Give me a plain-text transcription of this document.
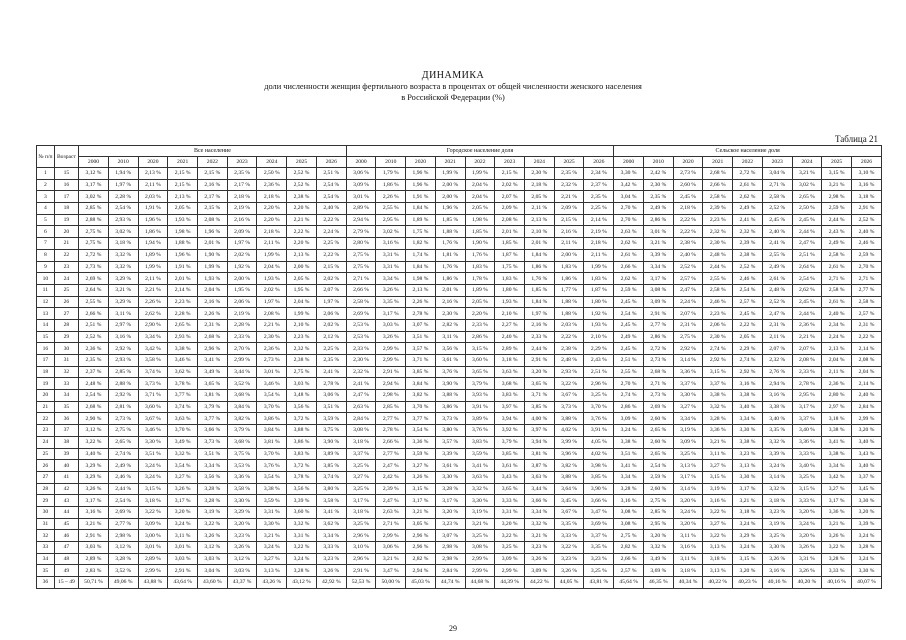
ДИНАМИКА
доли численности женщин фертильного возраста в процентах от общей численности женского населения
в Российской Федерации (%)
Таблица 21
№ п/п	Возраст	Все население									Городское население доля									Сельское население доля								
		2000	2010	2020	2021	2022	2023	2024	2025	2026	2000	2010	2020	2021	2022	2023	2024	2025	2026	2000	2010	2020	2021	2022	2023	2024	2025	2026
1	15	3,12 %	1,94 %	2,13 %	2,15 %	2,15 %	2,35 %	2,50 %	2,52 %	2,51 %	3,06 %	1,79 %	1,96 %	1,99 %	1,99 %	2,15 %	2,30 %	2,35 %	2,34 %	3,30 %	2,42 %	2,73 %	2,68 %	2,72 %	3,04 %	3,21 %	3,15 %	3,10 %
2	16	3,17 %	1,97 %	2,11 %	2,15 %	2,16 %	2,17 %	2,36 %	2,52 %	2,54 %	3,09 %	1,86 %	1,96 %	2,00 %	2,04 %	2,02 %	2,18 %	2,32 %	2,37 %	3,42 %	2,30 %	2,60 %	2,66 %	2,61 %	2,71 %	3,02 %	3,21 %	3,16 %
3	17	3,02 %	2,28 %	2,03 %	2,13 %	2,17 %	2,18 %	2,18 %	2,38 %	2,54 %	3,01 %	2,26 %	1,91 %	2,00 %	2,04 %	2,07 %	2,05 %	2,21 %	2,35 %	3,04 %	2,35 %	2,45 %	2,58 %	2,62 %	2,58 %	2,65 %	2,98 %	3,18 %
4	18	2,85 %	2,54 %	1,91 %	2,05 %	2,15 %	2,19 %	2,20 %	2,20 %	2,40 %	2,89 %	2,55 %	1,84 %	1,96 %	2,05 %	2,09 %	2,11 %	2,09 %	2,25 %	2,70 %	2,49 %	2,18 %	2,39 %	2,49 %	2,52 %	2,50 %	2,59 %	2,91 %
5	19	2,88 %	2,93 %	1,96 %	1,93 %	2,08 %	2,16 %	2,20 %	2,21 %	2,22 %	2,94 %	2,95 %	1,89 %	1,85 %	1,98 %	2,08 %	2,13 %	2,15 %	2,14 %	2,70 %	2,86 %	2,22 %	2,23 %	2,41 %	2,45 %	2,45 %	2,44 %	2,52 %
6	20	2,75 %	3,02 %	1,86 %	1,98 %	1,96 %	2,09 %	2,18 %	2,22 %	2,24 %	2,79 %	3,02 %	1,75 %	1,88 %	1,85 %	2,01 %	2,10 %	2,16 %	2,19 %	2,63 %	3,01 %	2,22 %	2,32 %	2,32 %	2,40 %	2,44 %	2,43 %	2,40 %
7	21	2,75 %	3,18 %	1,94 %	1,88 %	2,01 %	1,97 %	2,11 %	2,20 %	2,25 %	2,80 %	3,16 %	1,82 %	1,76 %	1,90 %	1,85 %	2,01 %	2,11 %	2,18 %	2,62 %	3,21 %	2,38 %	2,30 %	2,39 %	2,41 %	2,47 %	2,49 %	2,46 %
8	22	2,72 %	3,32 %	1,89 %	1,96 %	1,90 %	2,02 %	1,99 %	2,13 %	2,22 %	2,75 %	3,31 %	1,74 %	1,81 %	1,76 %	1,87 %	1,84 %	2,00 %	2,11 %	2,61 %	3,39 %	2,40 %	2,48 %	2,38 %	2,55 %	2,51 %	2,58 %	2,59 %
9	23	2,73 %	3,32 %	1,99 %	1,91 %	1,99 %	1,92 %	2,04 %	2,00 %	2,15 %	2,75 %	3,31 %	1,84 %	1,76 %	1,83 %	1,75 %	1,86 %	1,83 %	1,99 %	2,66 %	3,34 %	2,52 %	2,44 %	2,52 %	2,49 %	2,64 %	2,61 %	2,70 %
10	24	2,69 %	3,29 %	2,11 %	2,01 %	1,93 %	2,00 %	1,93 %	2,05 %	2,02 %	2,71 %	3,34 %	1,98 %	1,86 %	1,78 %	1,83 %	1,76 %	1,86 %	1,83 %	2,62 %	3,17 %	2,57 %	2,55 %	2,46 %	2,61 %	2,54 %	2,71 %	2,71 %
11	25	2,64 %	3,21 %	2,21 %	2,14 %	2,04 %	1,95 %	2,02 %	1,95 %	2,07 %	2,66 %	3,26 %	2,13 %	2,01 %	1,89 %	1,80 %	1,85 %	1,77 %	1,87 %	2,59 %	3,08 %	2,47 %	2,58 %	2,54 %	2,48 %	2,62 %	2,58 %	2,77 %
12	26	2,55 %	3,29 %	2,26 %	2,23 %	2,16 %	2,06 %	1,97 %	2,04 %	1,97 %	2,58 %	3,35 %	2,26 %	2,16 %	2,05 %	1,93 %	1,84 %	1,88 %	1,80 %	2,45 %	3,09 %	2,24 %	2,46 %	2,57 %	2,52 %	2,45 %	2,61 %	2,58 %
13	27	2,66 %	3,11 %	2,62 %	2,28 %	2,26 %	2,19 %	2,08 %	1,99 %	2,06 %	2,69 %	3,17 %	2,78 %	2,30 %	2,20 %	2,10 %	1,97 %	1,88 %	1,92 %	2,54 %	2,91 %	2,07 %	2,23 %	2,45 %	2,47 %	2,44 %	2,40 %	2,57 %
14	28	2,51 %	2,97 %	2,90 %	2,65 %	2,31 %	2,28 %	2,21 %	2,10 %	2,02 %	2,53 %	3,03 %	3,07 %	2,82 %	2,33 %	2,27 %	2,16 %	2,03 %	1,93 %	2,45 %	2,77 %	2,31 %	2,06 %	2,22 %	2,31 %	2,36 %	2,34 %	2,31 %
15	29	2,52 %	3,16 %	3,34 %	2,93 %	2,68 %	2,33 %	2,30 %	2,23 %	2,12 %	2,53 %	3,26 %	3,51 %	3,11 %	2,86 %	2,40 %	2,33 %	2,22 %	2,10 %	2,49 %	2,86 %	2,75 %	2,30 %	2,05 %	2,11 %	2,21 %	2,24 %	2,22 %
16	30	2,36 %	2,92 %	3,42 %	3,38 %	2,96 %	2,70 %	2,36 %	2,32 %	2,25 %	2,33 %	2,99 %	3,57 %	3,56 %	3,15 %	2,89 %	2,44 %	2,38 %	2,29 %	2,45 %	2,72 %	2,92 %	2,74 %	2,29 %	2,07 %	2,07 %	2,13 %	2,14 %
17	31	2,35 %	2,93 %	3,58 %	3,46 %	3,41 %	2,99 %	2,73 %	2,38 %	2,35 %	2,30 %	2,99 %	3,71 %	3,61 %	3,60 %	3,18 %	2,91 %	2,48 %	2,43 %	2,51 %	2,73 %	3,14 %	2,92 %	2,74 %	2,32 %	2,08 %	2,04 %	2,08 %
18	32	2,37 %	2,85 %	3,74 %	3,62 %	3,49 %	3,44 %	3,01 %	2,75 %	2,41 %	2,32 %	2,91 %	3,85 %	3,76 %	3,65 %	3,63 %	3,20 %	2,93 %	2,51 %	2,55 %	2,68 %	3,36 %	3,15 %	2,92 %	2,76 %	2,33 %	2,11 %	2,04 %
19	33	2,48 %	2,88 %	3,73 %	3,78 %	3,65 %	3,52 %	3,46 %	3,03 %	2,78 %	2,41 %	2,94 %	3,84 %	3,90 %	3,79 %	3,68 %	3,65 %	3,22 %	2,96 %	2,70 %	2,71 %	3,37 %	3,37 %	3,16 %	2,94 %	2,78 %	2,36 %	2,14 %
20	34	2,54 %	2,92 %	3,71 %	3,77 %	3,81 %	3,68 %	3,54 %	3,48 %	3,06 %	2,47 %	2,98 %	3,82 %	3,88 %	3,93 %	3,83 %	3,71 %	3,67 %	3,25 %	2,74 %	2,73 %	3,30 %	3,38 %	3,38 %	3,16 %	2,95 %	2,80 %	2,40 %
21	35	2,68 %	2,81 %	3,60 %	3,74 %	3,79 %	3,84 %	3,70 %	3,56 %	3,51 %	2,63 %	2,85 %	3,70 %	3,86 %	3,91 %	3,97 %	3,85 %	3,73 %	3,70 %	2,86 %	2,69 %	3,27 %	3,32 %	3,40 %	3,38 %	3,17 %	2,97 %	2,84 %
22	36	2,90 %	2,73 %	3,67 %	3,63 %	3,77 %	3,82 %	3,86 %	3,72 %	3,59 %	2,84 %	2,77 %	3,77 %	3,73 %	3,89 %	3,94 %	4,00 %	3,88 %	3,76 %	3,09 %	2,60 %	3,34 %	3,28 %	3,34 %	3,40 %	3,37 %	3,18 %	2,99 %
23	37	3,12 %	2,75 %	3,46 %	3,70 %	3,66 %	3,79 %	3,84 %	3,88 %	3,75 %	3,08 %	2,78 %	3,54 %	3,80 %	3,76 %	3,92 %	3,97 %	4,02 %	3,91 %	3,24 %	2,65 %	3,19 %	3,36 %	3,30 %	3,35 %	3,40 %	3,38 %	3,20 %
24	38	3,22 %	2,65 %	3,30 %	3,49 %	3,73 %	3,68 %	3,81 %	3,86 %	3,90 %	3,18 %	2,66 %	3,36 %	3,57 %	3,83 %	3,79 %	3,94 %	3,99 %	4,05 %	3,38 %	2,60 %	3,09 %	3,21 %	3,38 %	3,32 %	3,36 %	3,41 %	3,40 %
25	39	3,40 %	2,74 %	3,51 %	3,32 %	3,51 %	3,75 %	3,70 %	3,83 %	3,89 %	3,37 %	2,77 %	3,59 %	3,39 %	3,59 %	3,85 %	3,81 %	3,96 %	4,02 %	3,51 %	2,65 %	3,25 %	3,11 %	3,23 %	3,39 %	3,33 %	3,38 %	3,43 %
26	40	3,29 %	2,49 %	3,24 %	3,54 %	3,34 %	3,53 %	3,76 %	3,72 %	3,85 %	3,25 %	2,47 %	3,27 %	3,61 %	3,41 %	3,61 %	3,87 %	3,82 %	3,98 %	3,41 %	2,54 %	3,13 %	3,27 %	3,13 %	3,24 %	3,40 %	3,34 %	3,40 %
27	41	3,29 %	2,46 %	3,24 %	3,27 %	3,56 %	3,36 %	3,54 %	3,78 %	3,74 %	3,27 %	2,42 %	3,26 %	3,30 %	3,63 %	3,43 %	3,63 %	3,88 %	3,85 %	3,34 %	2,59 %	3,17 %	3,15 %	3,30 %	3,14 %	3,25 %	3,42 %	3,37 %
28	42	3,26 %	2,44 %	3,15 %	3,26 %	3,28 %	3,58 %	3,38 %	3,56 %	3,80 %	3,25 %	2,39 %	3,15 %	3,28 %	3,32 %	3,65 %	3,44 %	3,64 %	3,90 %	3,28 %	2,60 %	3,14 %	3,19 %	3,17 %	3,32 %	3,15 %	3,27 %	3,45 %
29	43	3,17 %	2,54 %	3,18 %	3,17 %	3,28 %	3,30 %	3,59 %	3,39 %	3,58 %	3,17 %	2,47 %	3,17 %	3,17 %	3,30 %	3,33 %	3,66 %	3,45 %	3,66 %	3,16 %	2,75 %	3,20 %	3,16 %	3,21 %	3,18 %	3,33 %	3,17 %	3,30 %
30	44	3,16 %	2,69 %	3,22 %	3,20 %	3,19 %	3,29 %	3,31 %	3,60 %	3,41 %	3,18 %	2,63 %	3,21 %	3,20 %	3,19 %	3,31 %	3,34 %	3,67 %	3,47 %	3,08 %	2,85 %	3,24 %	3,22 %	3,18 %	3,23 %	3,20 %	3,36 %	3,20 %
31	45	3,21 %	2,77 %	3,09 %	3,24 %	3,22 %	3,20 %	3,30 %	3,32 %	3,62 %	3,25 %	2,71 %	3,05 %	3,23 %	3,21 %	3,20 %	3,32 %	3,35 %	3,69 %	3,08 %	2,95 %	3,20 %	3,27 %	3,24 %	3,19 %	3,24 %	3,21 %	3,39 %
32	46	2,91 %	2,98 %	3,00 %	3,11 %	3,26 %	3,23 %	3,21 %	3,31 %	3,34 %	2,96 %	2,99 %	2,96 %	3,07 %	3,25 %	3,22 %	3,21 %	3,33 %	3,37 %	2,75 %	3,20 %	3,11 %	3,22 %	3,29 %	3,25 %	3,20 %	3,26 %	3,24 %
33	47	3,03 %	3,12 %	3,01 %	3,01 %	3,12 %	3,26 %	3,24 %	3,22 %	3,33 %	3,10 %	3,06 %	2,96 %	2,98 %	3,08 %	3,25 %	3,23 %	3,22 %	3,35 %	2,82 %	3,32 %	3,16 %	3,13 %	3,24 %	3,30 %	3,26 %	3,22 %	3,28 %
34	48	2,89 %	3,28 %	2,89 %	3,03 %	3,03 %	3,12 %	3,27 %	3,24 %	3,23 %	2,96 %	3,21 %	2,82 %	2,98 %	2,99 %	3,09 %	3,26 %	3,23 %	3,23 %	2,66 %	3,49 %	3,11 %	3,18 %	3,15 %	3,26 %	3,31 %	3,28 %	3,24 %
35	49	2,83 %	3,52 %	2,99 %	2,91 %	3,04 %	3,03 %	3,13 %	3,28 %	3,26 %	2,91 %	3,47 %	2,94 %	2,84 %	2,99 %	2,99 %	3,09 %	3,26 %	3,25 %	2,57 %	3,69 %	3,18 %	3,13 %	3,20 %	3,16 %	3,26 %	3,33 %	3,30 %
36	15 – 49	50,71 %	49,06 %	43,88 %	43,64 %	43,60 %	43,37 %	43,26 %	43,12 %	42,92 %	52,53 %	50,00 %	45,03 %	44,74 %	44,68 %	44,39 %	44,22 %	44,05 %	43,81 %	45,64 %	46,35 %	40,34 %	40,22 %	40,23 %	40,16 %	40,20 %	40,16 %	40,07 %
29
